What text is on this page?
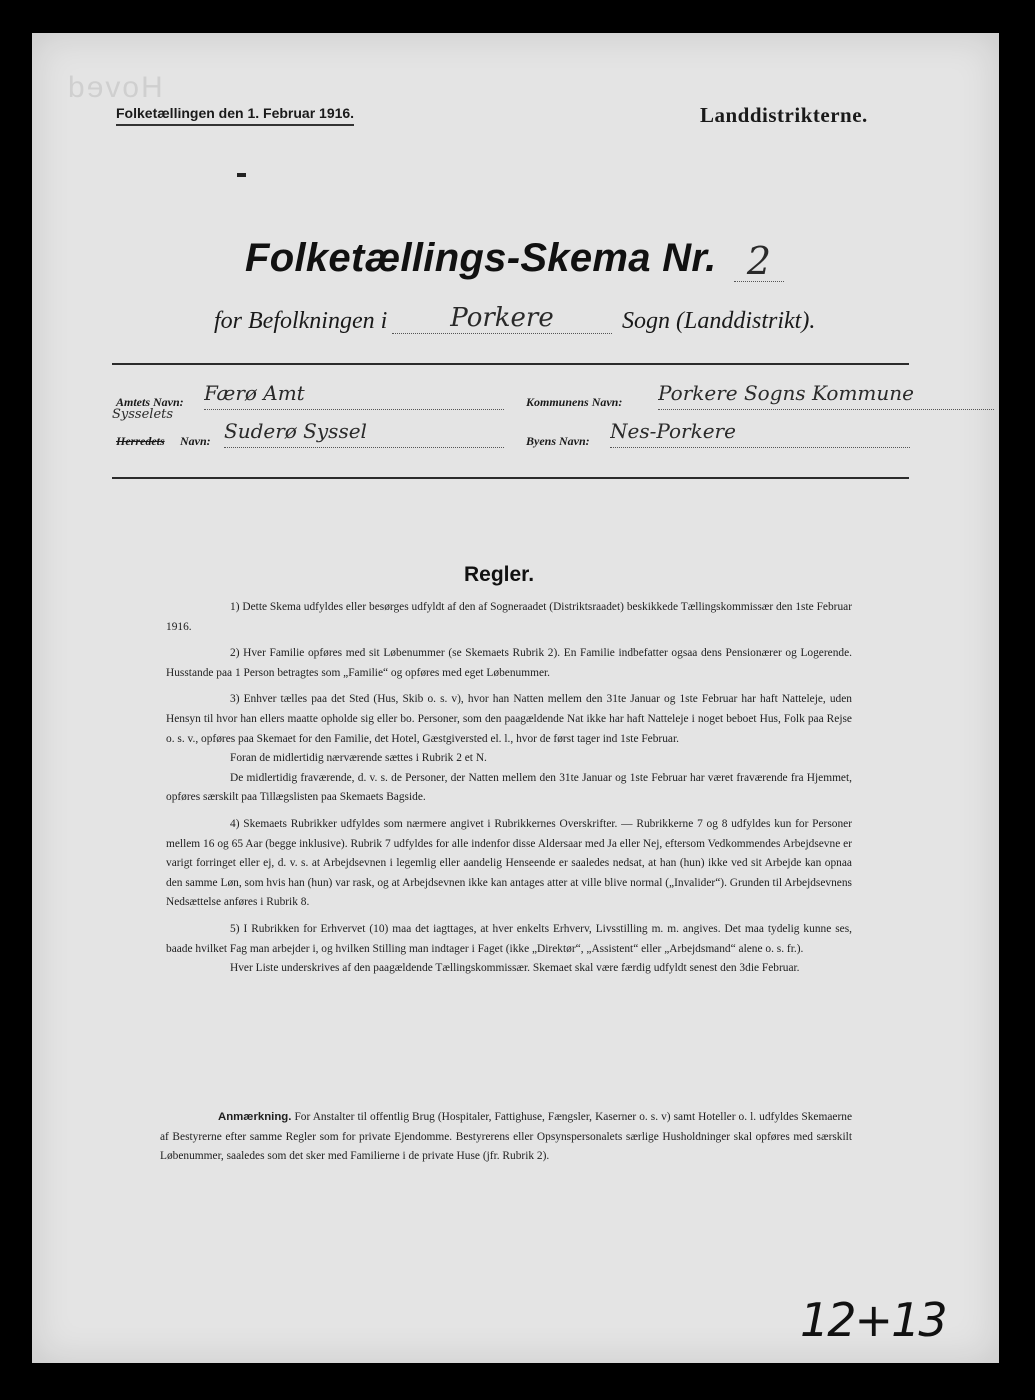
Hoved
Folketællingen den 1. Februar 1916.	Landdistrikterne.
Folketællings-Skema Nr. 2
for Befolkningen i	Porkere	Sogn (Landdistrikt).
Amtets Navn: Færø Amt	Kommunens Navn: Porkere Sogns Kommune
Sysselets
Herredets Navn: Suderø Syssel	Byens Navn: Nes-Porkere
Regler.

1) Dette Skema udfyldes eller besørges udfyldt af den af Sogneraadet (Distriktsraadet) beskikkede Tællingskommissær den 1ste Februar 1916.

2) Hver Familie opføres med sit Løbenummer (se Skemaets Rubrik 2). En Familie indbefatter ogsaa dens Pensionærer og Logerende. Husstande paa 1 Person betragtes som „Familie“ og opføres med eget Løbenummer.

3) Enhver tælles paa det Sted (Hus, Skib o. s. v), hvor han Natten mellem den 31te Januar og 1ste Februar har haft Natteleje, uden Hensyn til hvor han ellers maatte opholde sig eller bo. Personer, som den paagældende Nat ikke har haft Natteleje i noget beboet Hus, Folk paa Rejse o. s. v., opføres paa Skemaet for den Familie, det Hotel, Gæstgiversted el. l., hvor de først tager ind 1ste Februar.

Foran de midlertidig nærværende sættes i Rubrik 2 et N.

De midlertidig fraværende, d. v. s. de Personer, der Natten mellem den 31te Januar og 1ste Februar har været fraværende fra Hjemmet, opføres særskilt paa Tillægslisten paa Skemaets Bagside.

4) Skemaets Rubrikker udfyldes som nærmere angivet i Rubrikkernes Overskrifter. — Rubrikkerne 7 og 8 udfyldes kun for Personer mellem 16 og 65 Aar (begge inklusive). Rubrik 7 udfyldes for alle indenfor disse Aldersaar med Ja eller Nej, eftersom Vedkommendes Arbejdsevne er varigt forringet eller ej, d. v. s. at Arbejdsevnen i legemlig eller aandelig Henseende er saaledes nedsat, at han (hun) ikke ved sit Arbejde kan opnaa den samme Løn, som hvis han (hun) var rask, og at Arbejdsevnen ikke kan antages atter at ville blive normal („Invalider“). Grunden til Arbejdsevnens Nedsættelse anføres i Rubrik 8.

5) I Rubrikken for Erhvervet (10) maa det iagttages, at hver enkelts Erhverv, Livsstilling m. m. angives. Det maa tydelig kunne ses, baade hvilket Fag man arbejder i, og hvilken Stilling man indtager i Faget (ikke „Direktør“, „Assistent“ eller „Arbejdsmand“ alene o. s. fr.).

Hver Liste underskrives af den paagældende Tællingskommissær. Skemaet skal være færdig udfyldt senest den 3die Februar.

Anmærkning. For Anstalter til offentlig Brug (Hospitaler, Fattighuse, Fængsler, Kaserner o. s. v) samt Hoteller o. l. udfyldes Skemaerne af Bestyrerne efter samme Regler som for private Ejendomme. Bestyrerens eller Opsynspersonalets særlige Husholdninger skal opføres med særskilt Løbenummer, saaledes som det sker med Familierne i de private Huse (jfr. Rubrik 2).

12+13
